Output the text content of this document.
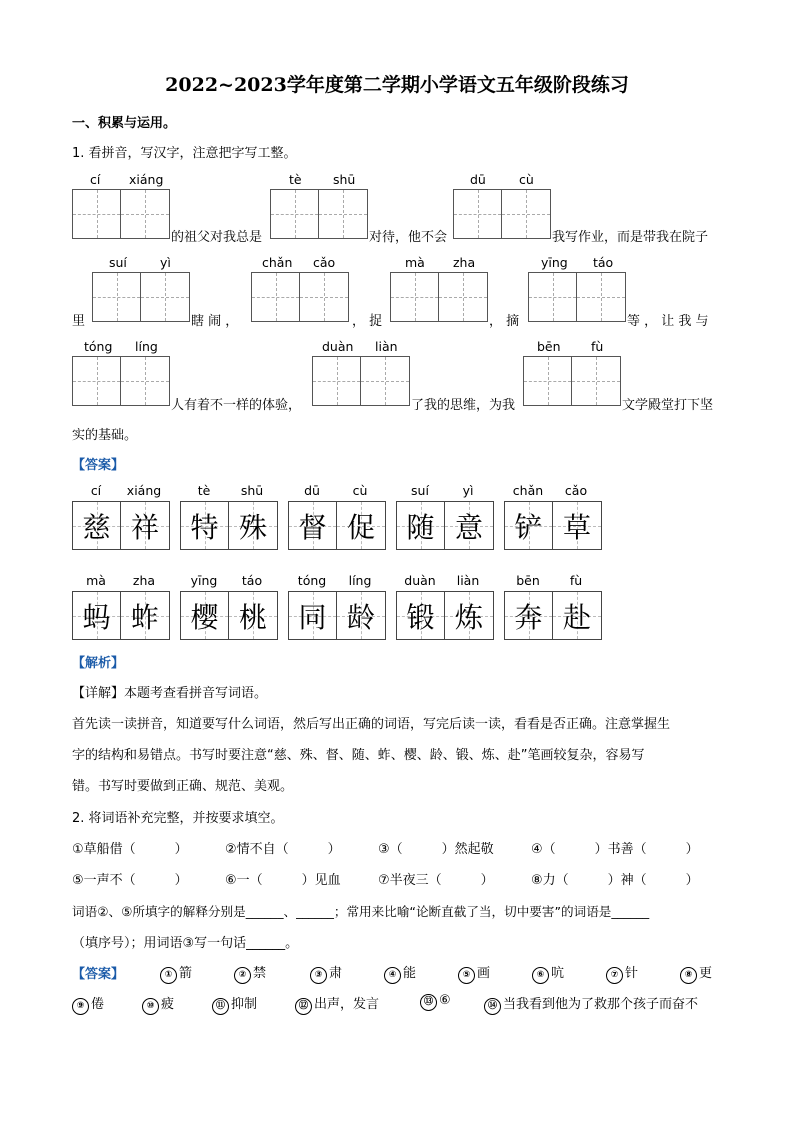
2022~2023学年度第二学期小学语文五年级阶段练习
一、积累与运用。
1. 看拼音，写汉字，注意把字写工整。
cí xiáng
的祖父对我总是
tè	shū
对待，他不会
dū	cù
我写作业，而是带我在院子
里
suí	yì
瞎 闹 ，
chǎn cǎo
， 捉
mà zha
， 摘
yīng táo
等 ， 让 我 与
tóng líng
人有着不一样的体验，
duàn liàn
了我的思维，为我
bēn fù
文学殿堂打下坚
实的基础。
【答案】
cí	xiáng
慈 祥
tè	shū
特 殊
dū	cù
督 促
suí	yì
随 意
chǎn	cǎo
铲 草
mà	zha
蚂 蚱
yīng	táo
樱 桃
tóng	líng
同 龄
duàn	liàn
锻 炼
bēn	fù
奔 赴
【解析】
【详解】本题考查看拼音写词语。
首先读一读拼音，知道要写什么词语，然后写出正确的词语，写完后读一读，看看是否正确。注意掌握生
字的结构和易错点。书写时要注意“慈、殊、督、随、蚱、樱、龄、锻、炼、赴”笔画较复杂，容易写
错。书写时要做到正确、规范、美观。
2. 将词语补充完整，并按要求填空。
①草船借（　　　）	②情不自（　　　）	③（　　　）然起敬	④（　　　）书善（　　　）
⑤一声不（　　　）	⑥一（　　　）见血	⑦半夜三（　　　）	⑧力（　　　）神（　　　）
词语②、⑤所填字的解释分别是______、______；常用来比喻“论断直截了当，切中要害”的词语是______
（填序号）；用词语③写一句话______。
【答案】	① 箭	② 禁	③ 肃	④ 能	⑤ 画	⑥ 吭	⑦ 针	⑧ 更
⑨ 倦	⑩ 疲	⑪ 抑制	⑫ 出声，发言	⑬ ⑥	⑭ 当我看到他为了救那个孩子而奋不
